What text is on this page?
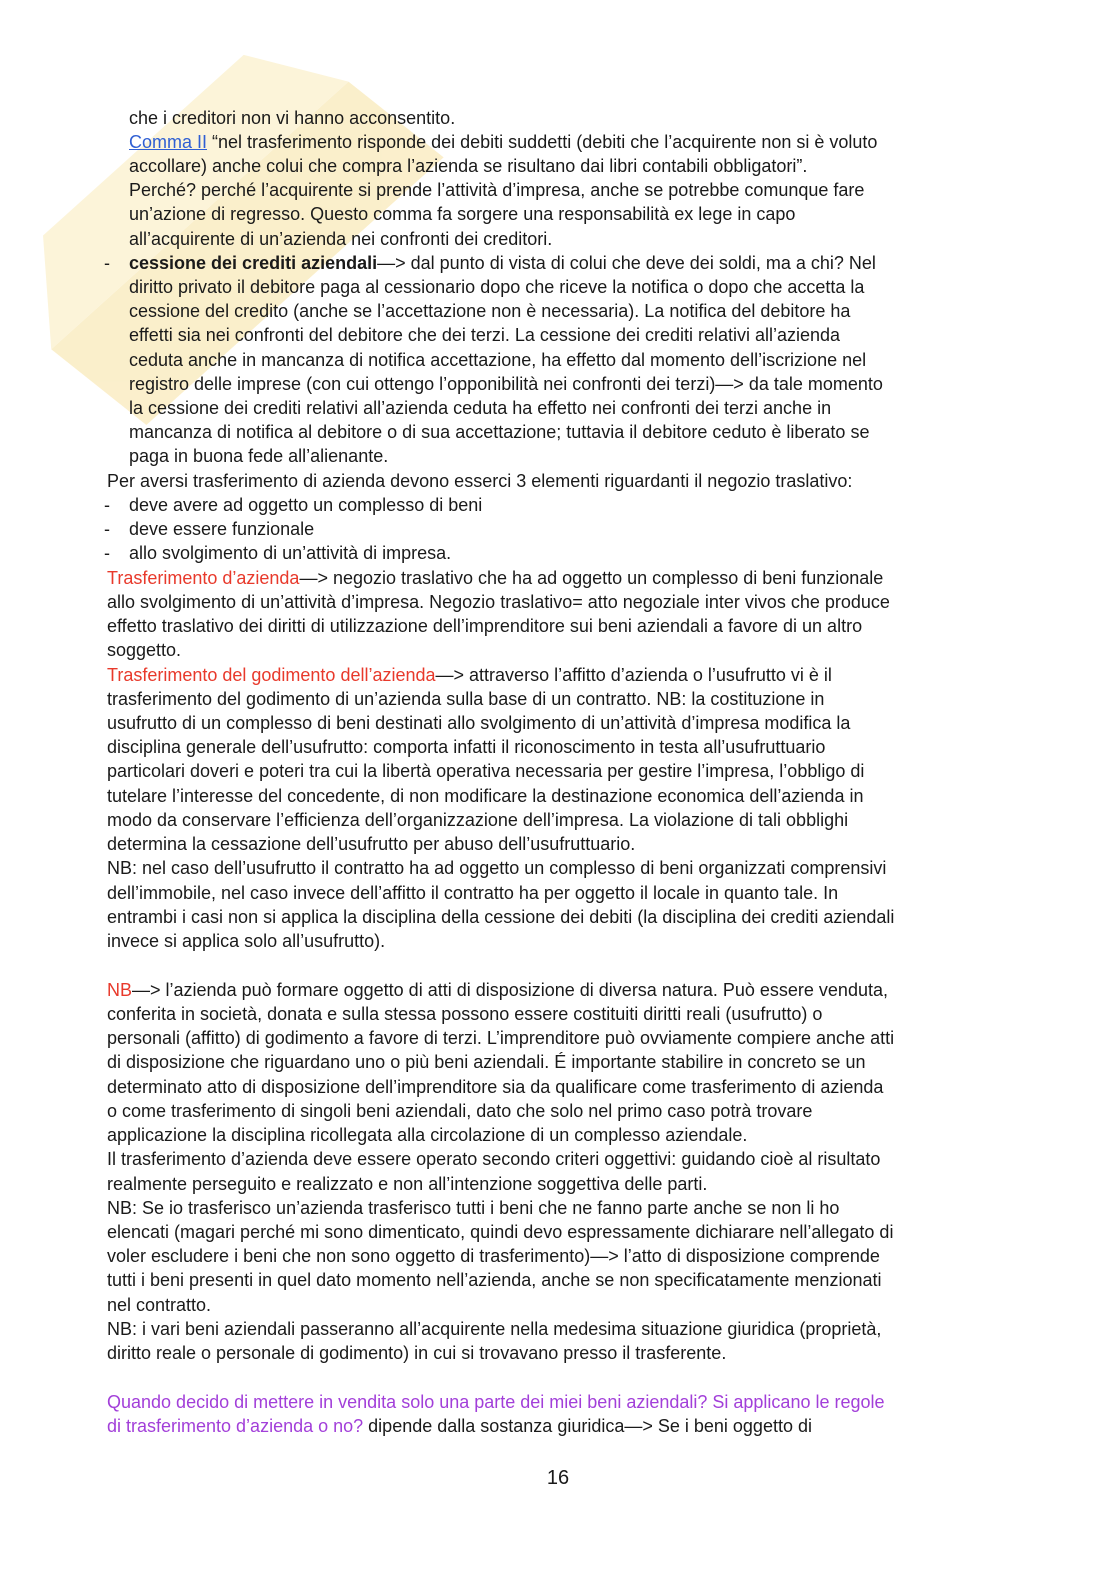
che i creditori non vi hanno acconsentito.
Comma II “nel trasferimento risponde dei debiti suddetti (debiti che l’acquirente non si è voluto
accollare) anche colui che compra l’azienda se risultano dai libri contabili obbligatori”.
Perché? perché l’acquirente si prende l’attività d’impresa, anche se potrebbe comunque fare
un’azione di regresso. Questo comma fa sorgere una responsabilità ex lege in capo
all’acquirente di un’azienda nei confronti dei creditori.
- cessione dei crediti aziendali—> dal punto di vista di colui che deve dei soldi, ma a chi? Nel
diritto privato il debitore paga al cessionario dopo che riceve la notifica o dopo che accetta la
cessione del credito (anche se l’accettazione non è necessaria). La notifica del debitore ha
effetti sia nei confronti del debitore che dei terzi. La cessione dei crediti relativi all’azienda
ceduta anche in mancanza di notifica accettazione, ha effetto dal momento dell’iscrizione nel
registro delle imprese (con cui ottengo l’opponibilità nei confronti dei terzi)—> da tale momento
la cessione dei crediti relativi all’azienda ceduta ha effetto nei confronti dei terzi anche in
mancanza di notifica al debitore o di sua accettazione; tuttavia il debitore ceduto è liberato se
paga in buona fede all’alienante.
Per aversi trasferimento di azienda devono esserci 3 elementi riguardanti il negozio traslativo:
- deve avere ad oggetto un complesso di beni
- deve essere funzionale
- allo svolgimento di un’attività di impresa.
Trasferimento d’azienda—> negozio traslativo che ha ad oggetto un complesso di beni funzionale
allo svolgimento di un’attività d’impresa. Negozio traslativo= atto negoziale inter vivos che produce
effetto traslativo dei diritti di utilizzazione dell’imprenditore sui beni aziendali a favore di un altro
soggetto.
Trasferimento del godimento dell’azienda—> attraverso l’affitto d’azienda o l’usufrutto vi è il
trasferimento del godimento di un’azienda sulla base di un contratto. NB: la costituzione in
usufrutto di un complesso di beni destinati allo svolgimento di un’attività d’impresa modifica la
disciplina generale dell’usufrutto: comporta infatti il riconoscimento in testa all’usufruttuario
particolari doveri e poteri tra cui la libertà operativa necessaria per gestire l’impresa, l’obbligo di
tutelare l’interesse del concedente, di non modificare la destinazione economica dell’azienda in
modo da conservare l’efficienza dell’organizzazione dell’impresa. La violazione di tali obblighi
determina la cessazione dell’usufrutto per abuso dell’usufruttuario.
NB: nel caso dell’usufrutto il contratto ha ad oggetto un complesso di beni organizzati comprensivi
dell’immobile, nel caso invece dell’affitto il contratto ha per oggetto il locale in quanto tale. In
entrambi i casi non si applica la disciplina della cessione dei debiti (la disciplina dei crediti aziendali
invece si applica solo all’usufrutto).
NB—> l’azienda può formare oggetto di atti di disposizione di diversa natura. Può essere venduta,
conferita in società, donata e sulla stessa possono essere costituiti diritti reali (usufrutto) o
personali (affitto) di godimento a favore di terzi. L’imprenditore può ovviamente compiere anche atti
di disposizione che riguardano uno o più beni aziendali. É importante stabilire in concreto se un
determinato atto di disposizione dell’imprenditore sia da qualificare come trasferimento di azienda
o come trasferimento di singoli beni aziendali, dato che solo nel primo caso potrà trovare
applicazione la disciplina ricollegata alla circolazione di un complesso aziendale.
Il trasferimento d’azienda deve essere operato secondo criteri oggettivi: guidando cioè al risultato
realmente perseguito e realizzato e non all’intenzione soggettiva delle parti.
NB: Se io trasferisco un’azienda trasferisco tutti i beni che ne fanno parte anche se non li ho
elencati (magari perché mi sono dimenticato, quindi devo espressamente dichiarare nell’allegato di
voler escludere i beni che non sono oggetto di trasferimento)—> l’atto di disposizione comprende
tutti i beni presenti in quel dato momento nell’azienda, anche se non specificatamente menzionati
nel contratto.
NB: i vari beni aziendali passeranno all’acquirente nella medesima situazione giuridica (proprietà,
diritto reale o personale di godimento) in cui si trovavano presso il trasferente.
Quando decido di mettere in vendita solo una parte dei miei beni aziendali? Si applicano le regole
di trasferimento d’azienda o no? dipende dalla sostanza giuridica—> Se i beni oggetto di
16
